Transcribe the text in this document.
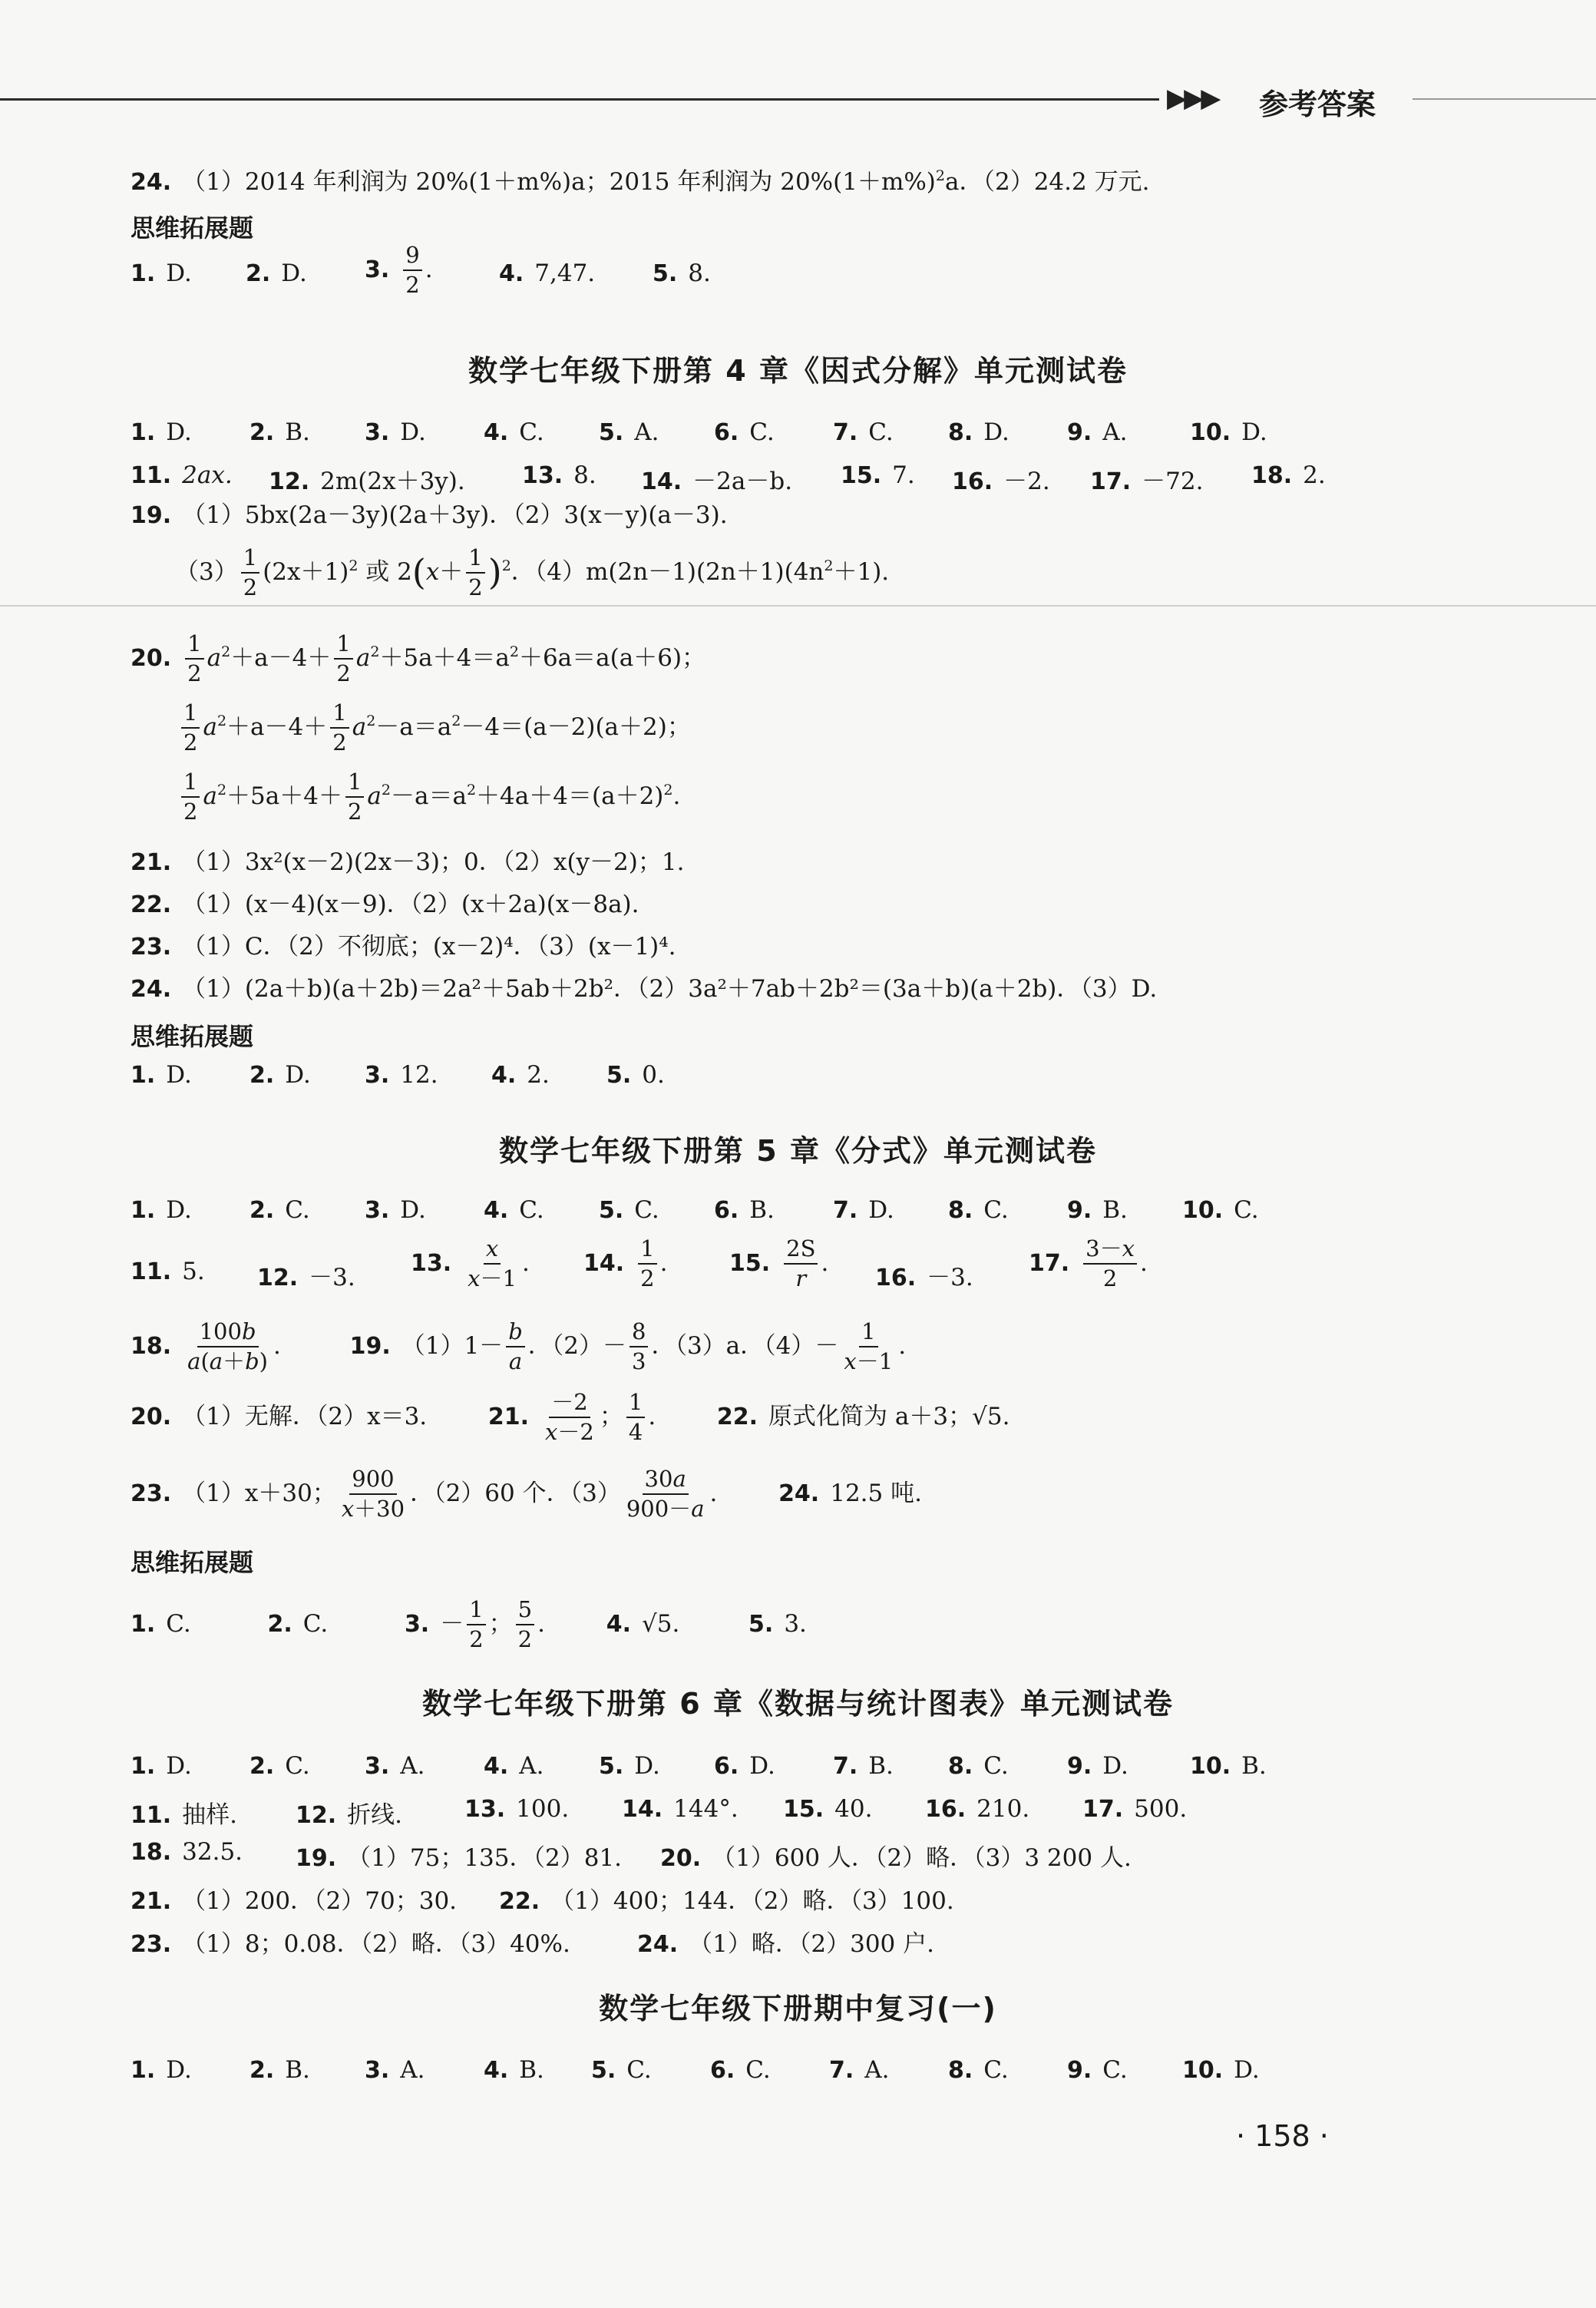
▶▶▶ 参考答案
24. （1）2014 年利润为 20%(1＋m%)a；2015 年利润为 $20\%(1+m\%)^2a$．（2）24.2 万元.
思维拓展题
1. D. 2. D.	3. $\frac{9}{2}$ .	4. 7,47. 5. 8.
数学七年级下册第 4 章《因式分解》单元测试卷
1. D.	2. B. 3. D.	4. C. 5. A. 6. C.	7. C. 8. D.	9. A.	10. D.
11. 2ax. 12. 2m(2x＋3y). 13. 8. 14. －2a－b. 15. 7. 16. －2. 17. －72. 18. 2.
19. （1）5bx(2a－3y)(2a＋3y)．（2）3(x－y)(a－3).
$(3) \frac{1}{2} (2x+1)^2$ 或 $2(x+ \frac{1}{2} )^2$．$(4)m(2n-1)(2n+1)(4n^2+1)$.
20. $\frac{1}{2} a^2+a-4+ \frac{1}{2} a^2+5a+4=a^2+6a=a(a+6)$；
$\frac{1}{2} a^2+a-4+ \frac{1}{2} a^2-a=a^2-4=(a-2)(a+2)$；
$\frac{1}{2} a^2+5a+4+ \frac{1}{2} a^2-a=a^2+4a+4=(a+2)^2$.
21. （1）3x²(x－2)(2x－3)；0．（2）x(y－2)；1.
22. （1）(x－4)(x－9)．（2）(x＋2a)(x－8a).
23. （1）C．（2）不彻底；(x－2)⁴．（3）(x－1)⁴.
24. （1）(2a＋b)(a＋2b)＝2a²＋5ab＋2b²．（2）3a²＋7ab＋2b²＝(3a＋b)(a＋2b)．（3）D.
思维拓展题
1. D.	2. D. 3. 12. 4. 2. 5. 0.
数学七年级下册第 5 章《分式》单元测试卷
1. D.	2. C. 3. D.	4. C. 5. C. 6. B.	7. D. 8. C.	9. B. 10. C.
11. 5. 12. －3.
13. $\frac{x}{x-1}$ . 14. $\frac{1}{2}$ .	15. $\frac{2S}{r}$ .
16. －3.
17. $\frac{3-x}{2}$ .
18. $\frac{100b}{a(a+b)}$ .	19. $(1)1- \frac{b}{a}$ ．$(2)- \frac{8}{3}$ ．（3）a．$(4)- \frac{1}{x-1}$ .
20. （1）无解．（2）x＝3.	21. $\frac{-2}{x-2}$ ； $\frac{1}{4}$ .  22. 原式化简为 a＋3；√5.
23. （1）x＋30； $\frac{900}{x+30}$ ．（2）60 个．$(3) \frac{30a}{900-a}$ .  24. 12.5 吨.
思维拓展题
1. C.	2. C.	3. － $\frac{1}{2}$ ； $\frac{5}{2}$ .  4. √5.	5. 3.
数学七年级下册第 6 章《数据与统计图表》单元测试卷
1. D.	2. C. 3. A.	4. A. 5. D. 6. D.	7. B. 8. C.	9. D.	10. B.
11. 抽样.	12. 折线.	13. 100. 14. 144°. 15. 40. 16. 210. 17. 500.
18. 32.5. 19. （1）75；135．（2）81. 20. （1）600 人．（2）略．（3）3 200 人.
21. （1）200．（2）70；30. 22. （1）400；144．（2）略．（3）100.
23. （1）8；0.08．（2）略．（3）40%.	24. （1）略．（2）300 户.
数学七年级下册期中复习(一)
1. D.	2. B. 3. A.	4. B. 5. C.	6. C.	7. A.	8. C.	9. C. 10. D.
· 158 ·
